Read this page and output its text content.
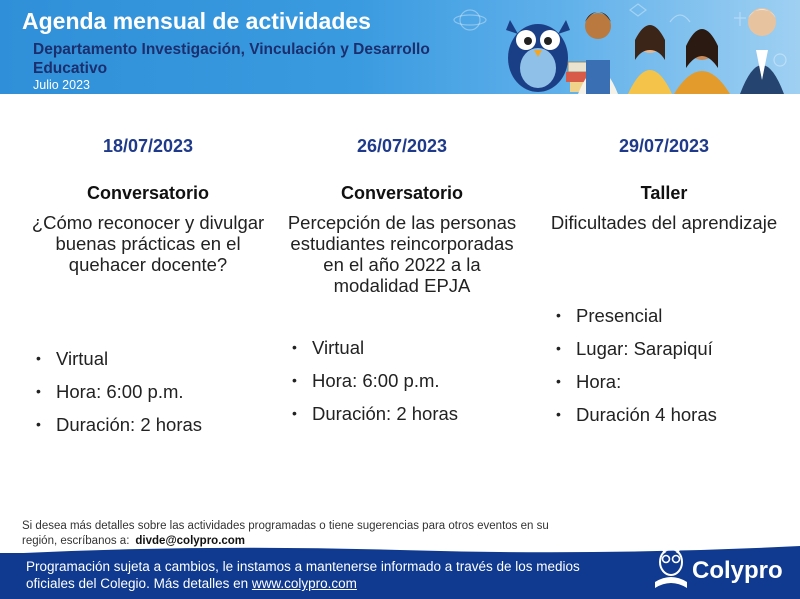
Agenda mensual de actividades
Departamento Investigación, Vinculación y Desarrollo Educativo
Julio 2023
18/07/2023
Conversatorio
¿Cómo reconocer y divulgar buenas prácticas en el quehacer docente?
• Virtual
• Hora: 6:00 p.m.
• Duración: 2 horas
26/07/2023
Conversatorio
Percepción de las personas estudiantes reincorporadas en el año 2022 a la modalidad EPJA
• Virtual
• Hora: 6:00 p.m.
• Duración: 2 horas
29/07/2023
Taller
Dificultades del aprendizaje
• Presencial
• Lugar: Sarapiquí
• Hora:
• Duración 4 horas
Si desea más detalles sobre las actividades programadas o tiene sugerencias para otros eventos en su región, escríbanos a: divde@colypro.com
Programación sujeta a cambios, le instamos a mantenerse informado a través de los medios oficiales del Colegio. Más detalles en www.colypro.com	Colypro
